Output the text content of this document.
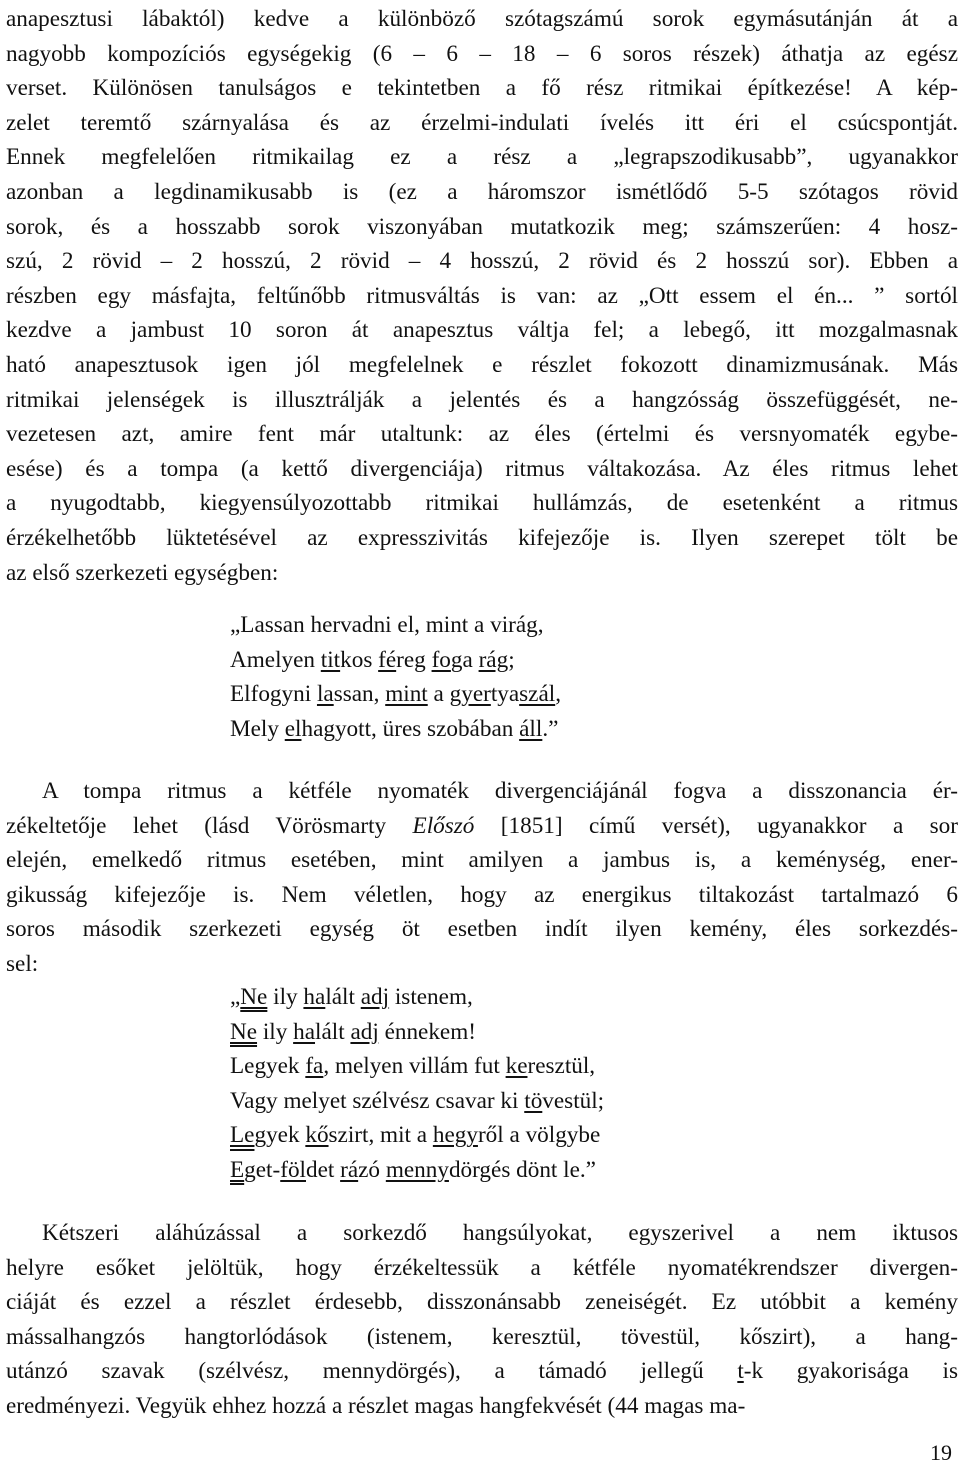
anapesztusi lábaktól) kedve a különböző szótagszámú sorok egymásutánján át a
nagyobb kompozíciós egységekig (6 – 6 – 18 – 6 soros részek) áthatja az egész
verset. Különösen tanulságos e tekintetben a fő rész ritmikai építkezése! A kép-
zelet teremtő szárnyalása és az érzelmi-indulati ívelés itt éri el csúcspontját.
Ennek megfelelően ritmikailag ez a rész a „legrapszodikusabb”, ugyanakkor
azonban a legdinamikusabb is (ez a háromszor ismétlődő 5-5 szótagos rövid
sorok, és a hosszabb sorok viszonyában mutatkozik meg; számszerűen: 4 hosz-
szú, 2 rövid – 2 hosszú, 2 rövid – 4 hosszú, 2 rövid és 2 hosszú sor). Ebben a
részben egy másfajta, feltűnőbb ritmusváltás is van: az „Ott essem el én... ” sortól
kezdve a jambust 10 soron át anapesztus váltja fel; a lebegő, itt mozgalmasnak
ható anapesztusok igen jól megfelelnek e részlet fokozott dinamizmusának. Más
ritmikai jelenségek is illusztrálják a jelentés és a hangzósság összefüggését, ne-
vezetesen azt, amire fent már utaltunk: az éles (értelmi és versnyomaték egybe-
esése) és a tompa (a kettő divergenciája) ritmus váltakozása. Az éles ritmus lehet
a nyugodtabb, kiegyensúlyozottabb ritmikai hullámzás, de esetenként a ritmus
érzékelhetőbb lüktetésével az expresszivitás kifejezője is. Ilyen szerepet tölt be
az első szerkezeti egységben:
„Lassan hervadni el, mint a virág,
Amelyen titkos féreg foga rág;
Elfogyni lassan, mint a gyertyaszál,
Mely elhagyott, üres szobában áll.”
A tompa ritmus a kétféle nyomaték divergenciájánál fogva a disszonancia ér-
zékeltetője lehet (lásd Vörösmarty Előszó [1851] című versét), ugyanakkor a sor
elején, emelkedő ritmus esetében, mint amilyen a jambus is, a keménység, ener-
gikusság kifejezője is. Nem véletlen, hogy az energikus tiltakozást tartalmazó 6
soros második szerkezeti egység öt esetben indít ilyen kemény, éles sorkezdés-
sel:
„Ne ily halált adj istenem,
Ne ily halált adj énnekem!
Legyek fa, melyen villám fut keresztül,
Vagy melyet szélvész csavar ki tövestül;
Legyek kőszirt, mit a hegyről a völgybe
Eget-földet rázó mennydörgés dönt le.”
Kétszeri aláhúzással a sorkezdő hangsúlyokat, egyszerivel a nem iktusos
helyre esőket jelöltük, hogy érzékeltessük a kétféle nyomatékrendszer divergen-
ciáját és ezzel a részlet érdesebb, disszonánsabb zeneiségét. Ez utóbbit a kemény
mássalhangzós hangtorlódások (istenem, keresztül, tövestül, kőszirt), a hang-
utánzó szavak (szélvész, mennydörgés), a támadó jellegű t-k gyakorisága is
eredményezi. Vegyük ehhez hozzá a részlet magas hangfekvését (44 magas ma-
19
